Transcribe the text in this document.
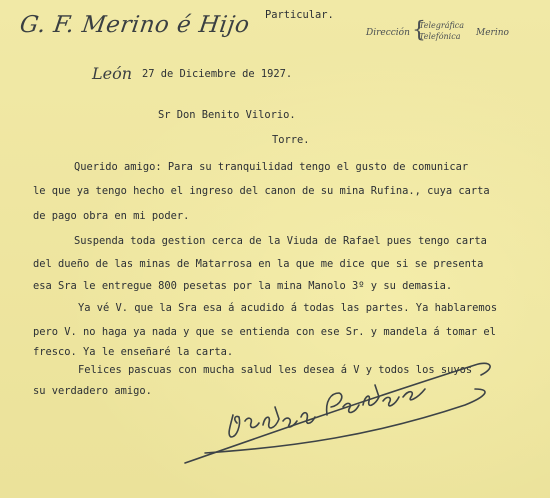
G. F. Merino é Hijo Particular.
Dirección {
Telegráfica
Telefónica	Merino
León 27 de Diciembre de 1927.
Sr Don Benito Vilorio.
Torre.
Querido amigo: Para su tranquilidad tengo el gusto de comunicar
le que ya tengo hecho el ingreso del canon de su mina Rufina., cuya carta
de pago obra en mi poder.
Suspenda toda gestion cerca de la Viuda de Rafael pues tengo carta
del dueño de las minas de Matarrosa en la que me dice que si se presenta
esa Sra le entregue 800 pesetas por la mina Manolo 3º y su demasia.
Ya vé V. que la Sra esa á acudido á todas las partes. Ya hablaremos
pero V. no haga ya nada y que se entienda con ese Sr. y mandela á tomar el
fresco. Ya le enseñaré la carta.
Felices pascuas con mucha salud les desea á V y todos los suyos
su verdadero amigo.
